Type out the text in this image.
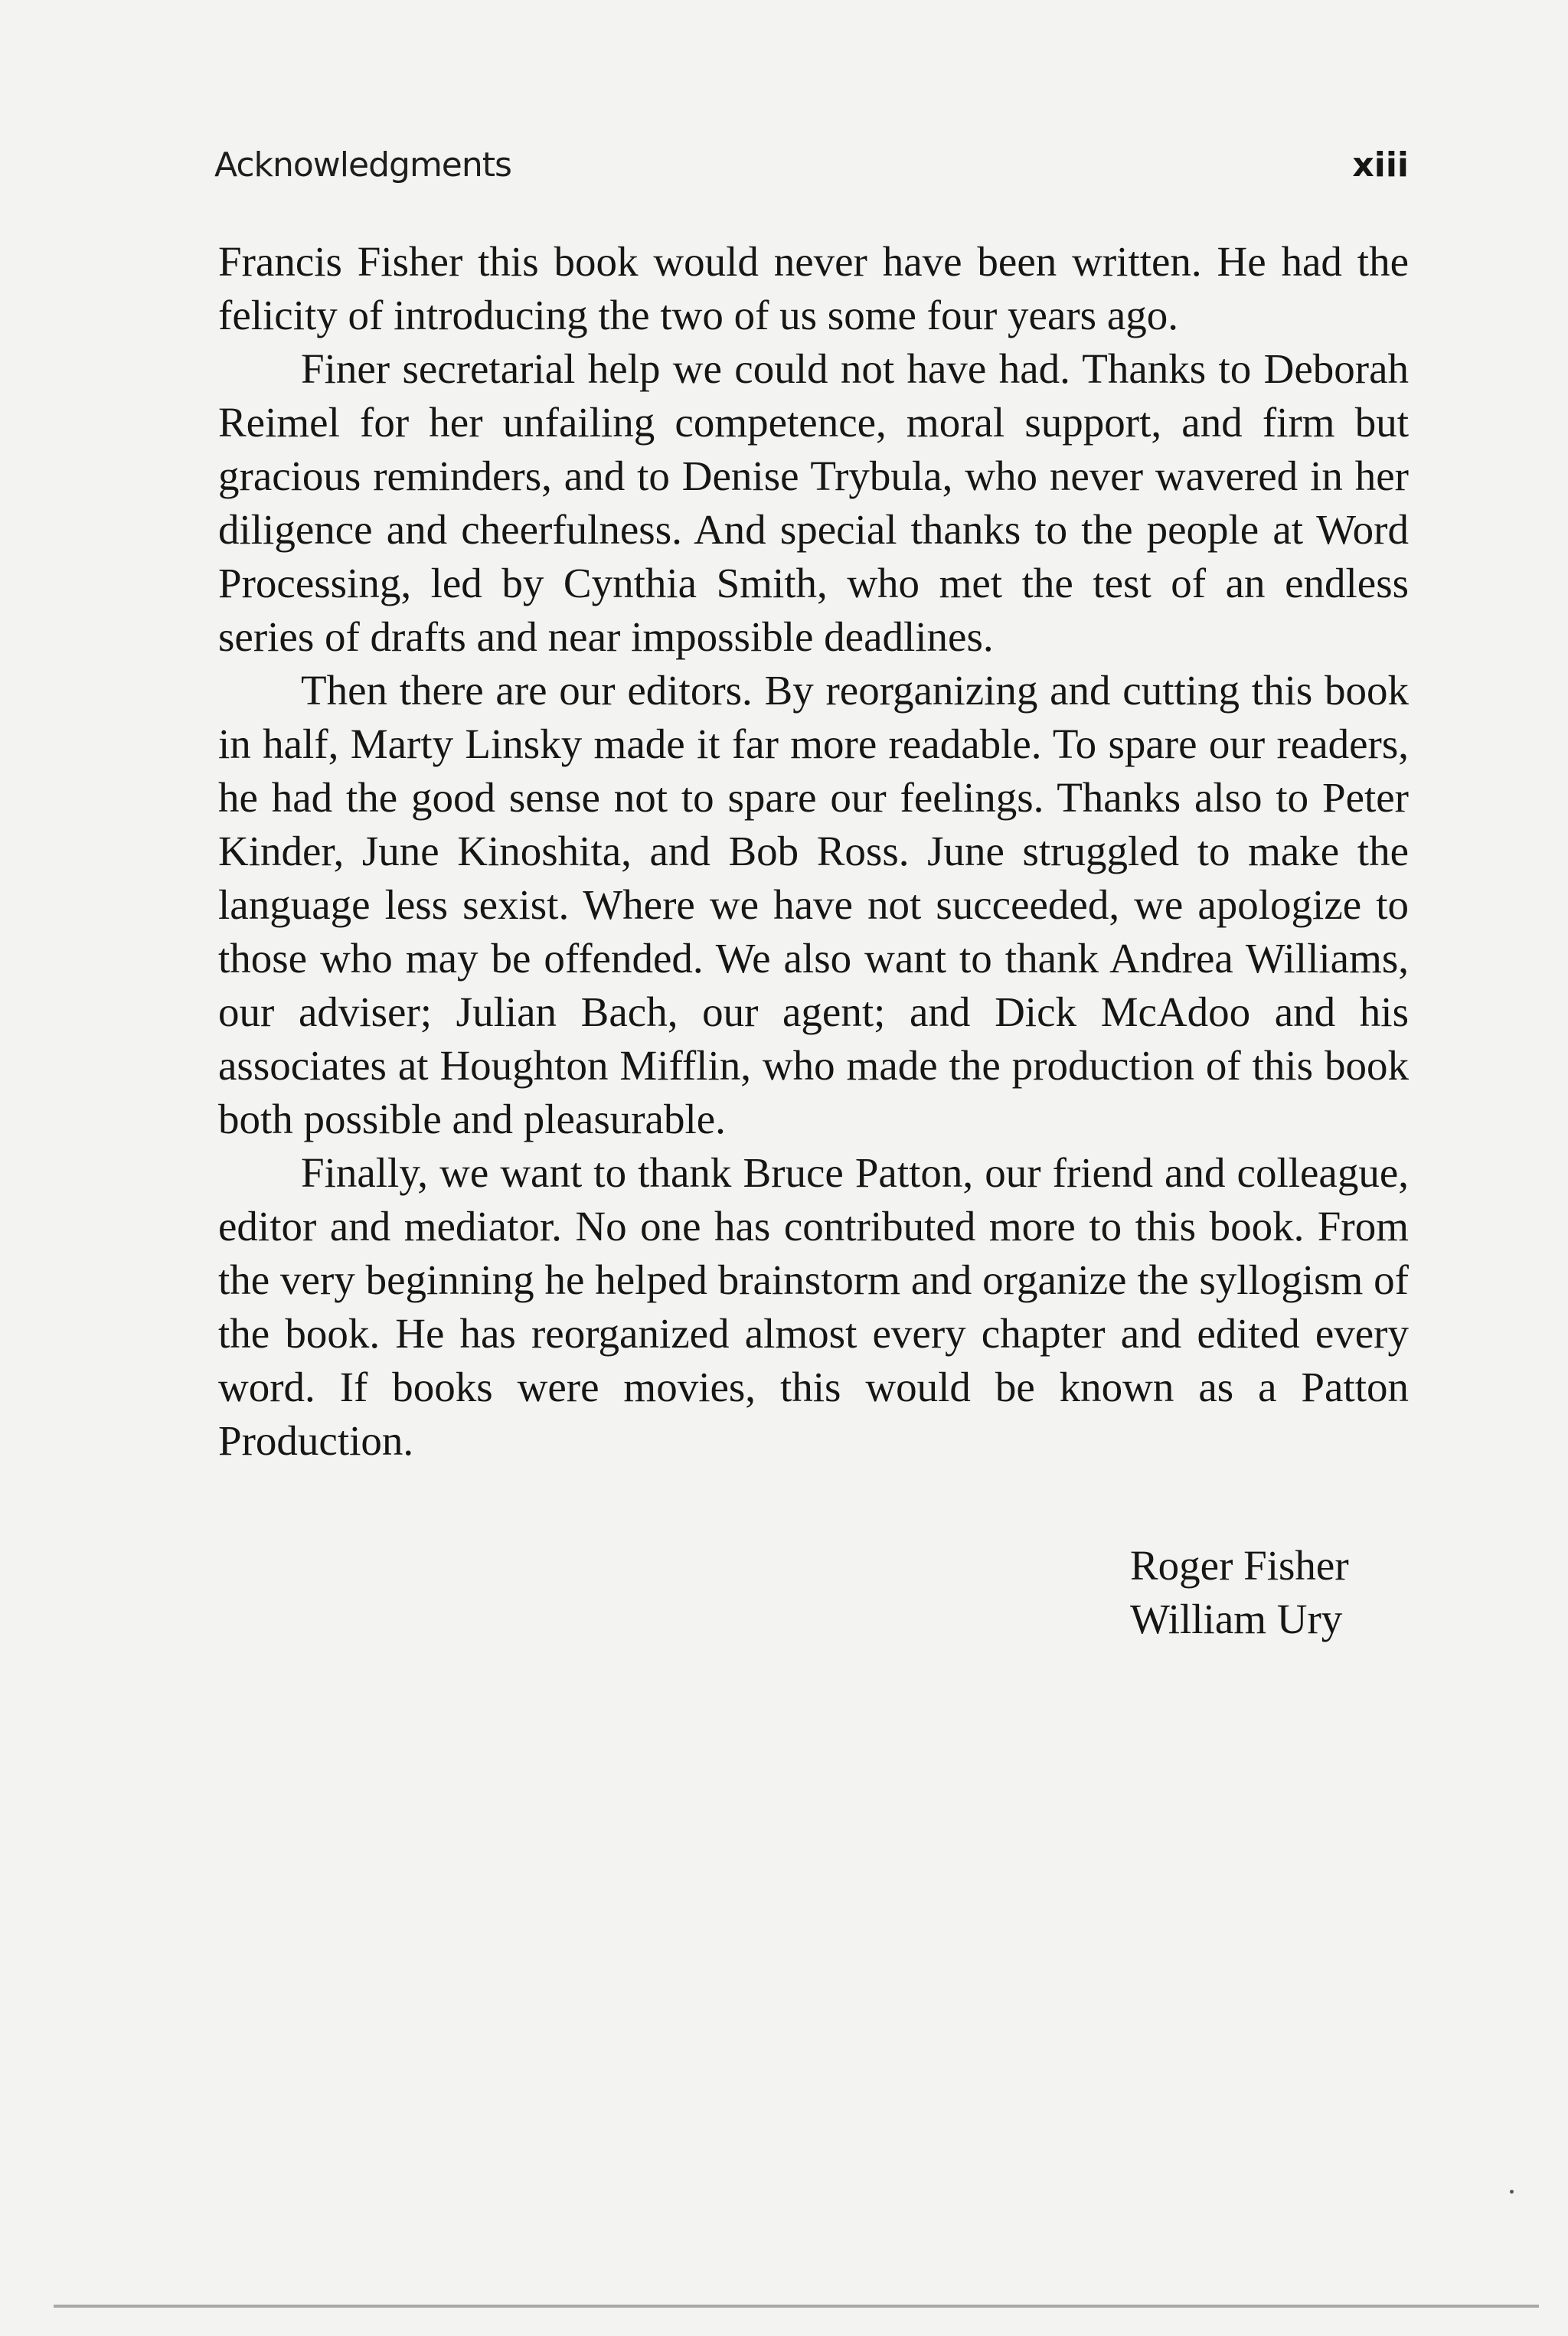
Acknowledgments	xiii

Francis Fisher this book would never have been written. He had the felicity of introducing the two of us some four years ago.

Finer secretarial help we could not have had. Thanks to Deborah Reimel for her unfailing competence, moral support, and firm but gracious reminders, and to Denise Trybula, who never wavered in her diligence and cheerfulness. And special thanks to the people at Word Processing, led by Cynthia Smith, who met the test of an endless series of drafts and near impossible deadlines.

Then there are our editors. By reorganizing and cutting this book in half, Marty Linsky made it far more readable. To spare our readers, he had the good sense not to spare our feelings. Thanks also to Peter Kinder, June Kinoshita, and Bob Ross. June struggled to make the language less sexist. Where we have not succeeded, we apologize to those who may be offended. We also want to thank Andrea Williams, our adviser; Julian Bach, our agent; and Dick McAdoo and his associates at Houghton Mifflin, who made the production of this book both possible and pleasurable.

Finally, we want to thank Bruce Patton, our friend and colleague, editor and mediator. No one has contributed more to this book. From the very beginning he helped brainstorm and organize the syllogism of the book. He has reorganized almost every chapter and edited every word. If books were movies, this would be known as a Patton Production.

Roger Fisher
William Ury
